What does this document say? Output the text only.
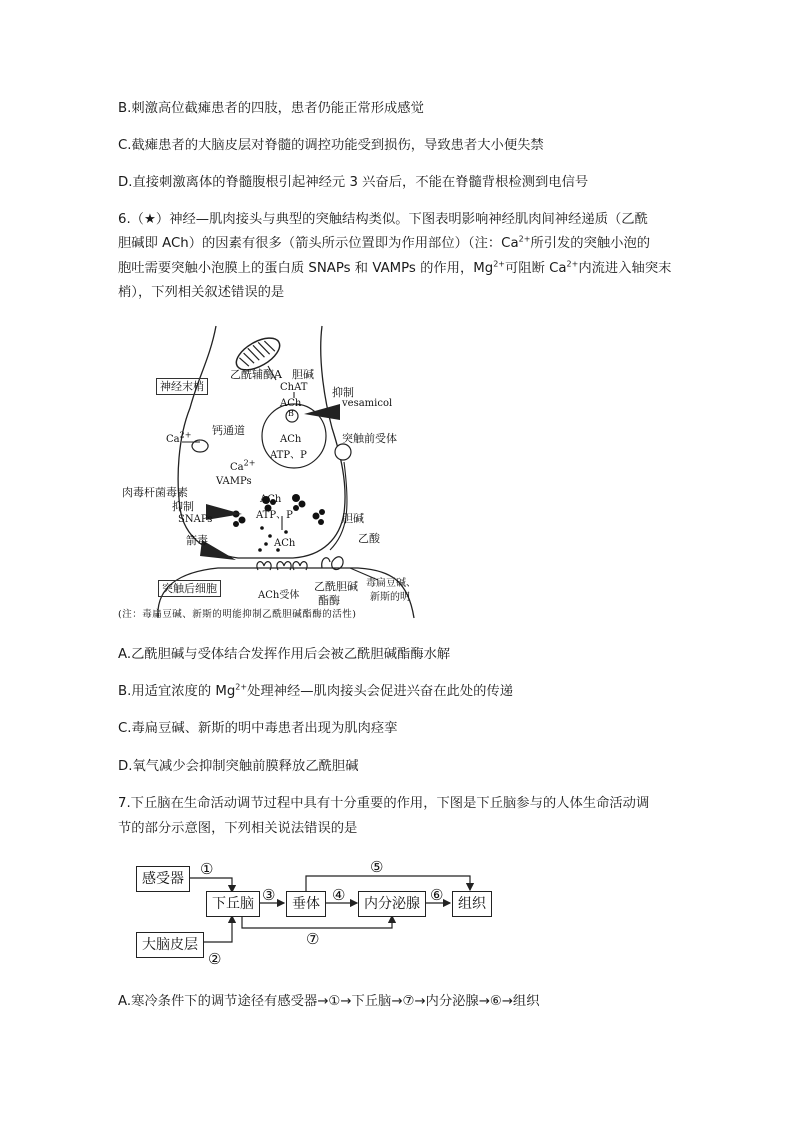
B.刺激高位截瘫患者的四肢，患者仍能正常形成感觉
C.截瘫患者的大脑皮层对脊髓的调控功能受到损伤，导致患者大小便失禁
D.直接刺激离体的脊髓腹根引起神经元 3 兴奋后，不能在脊髓背根检测到电信号
6.（★）神经—肌肉接头与典型的突触结构类似。下图表明影响神经肌肉间神经递质（乙酰
胆碱即 ACh）的因素有很多（箭头所示位置即为作用部位）（注：$Ca^{2+}$所引发的突触小泡的
胞吐需要突触小泡膜上的蛋白质 SNAPs 和 VAMPs 的作用，$Mg^{2+}$可阻断 $Ca^{2+}$内流进入轴突末
梢），下列相关叙述错误的是
神经末梢
乙酰辅酶A 胆碱
ChAT
ACh
B
抑制
vesamicol
ACh
ATP、P
钙通道
$Ca^{2+}$	突触前受体
$Ca^{2+}$
VAMPs
肉毒杆菌毒素
抑制
SNAPs
ACh
ATP、P	胆碱
乙酸
ACh
箭毒
突触后细胞
ACh受体
乙酰胆碱
酯酶
毒扁豆碱、
新斯的明
(注：毒扁豆碱、新斯的明能抑制乙酰胆碱酯酶的活性)
A.乙酰胆碱与受体结合发挥作用后会被乙酰胆碱酯酶水解
B.用适宜浓度的 $Mg^{2+}$处理神经—肌肉接头会促进兴奋在此处的传递
C.毒扁豆碱、新斯的明中毒患者出现为肌肉痉挛
D.氧气减少会抑制突触前膜释放乙酰胆碱
7.下丘脑在生命活动调节过程中具有十分重要的作用，下图是下丘脑参与的人体生命活动调
节的部分示意图，下列相关说法错误的是
感受器
下丘脑	垂体	内分泌腺	组织
大脑皮层
①
②
③	④
⑤
⑥
⑦
A.寒冷条件下的调节途径有感受器→①→下丘脑→⑦→内分泌腺→⑥→组织
